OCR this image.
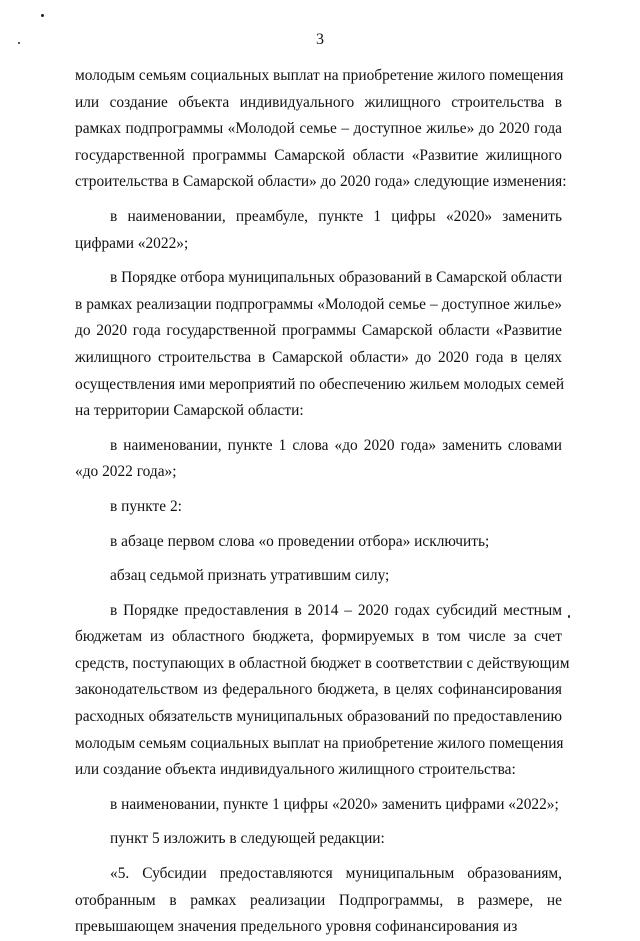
3
молодым семьям социальных выплат на приобретение жилого помещения
или создание объекта индивидуального жилищного строительства в
рамках подпрограммы «Молодой семье – доступное жилье» до 2020 года
государственной программы Самарской области «Развитие жилищного
строительства в Самарской области» до 2020 года» следующие изменения:
в наименовании, преамбуле, пункте 1 цифры «2020» заменить
цифрами «2022»;
в Порядке отбора муниципальных образований в Самарской области
в рамках реализации подпрограммы «Молодой семье – доступное жилье»
до 2020 года государственной программы Самарской области «Развитие
жилищного строительства в Самарской области» до 2020 года в целях
осуществления ими мероприятий по обеспечению жильем молодых семей
на территории Самарской области:
в наименовании, пункте 1 слова «до 2020 года» заменить словами
«до 2022 года»;
в пункте 2:
в абзаце первом слова «о проведении отбора» исключить;
абзац седьмой признать утратившим силу;
в Порядке предоставления в 2014 – 2020 годах субсидий местным
бюджетам из областного бюджета, формируемых в том числе за счет
средств, поступающих в областной бюджет в соответствии с действующим
законодательством из федерального бюджета, в целях софинансирования
расходных обязательств муниципальных образований по предоставлению
молодым семьям социальных выплат на приобретение жилого помещения
или создание объекта индивидуального жилищного строительства:
в наименовании, пункте 1 цифры «2020» заменить цифрами «2022»;
пункт 5 изложить в следующей редакции:
«5. Субсидии предоставляются муниципальным образованиям,
отобранным в рамках реализации Подпрограммы, в размере, не
превышающем значения предельного уровня софинансирования из
